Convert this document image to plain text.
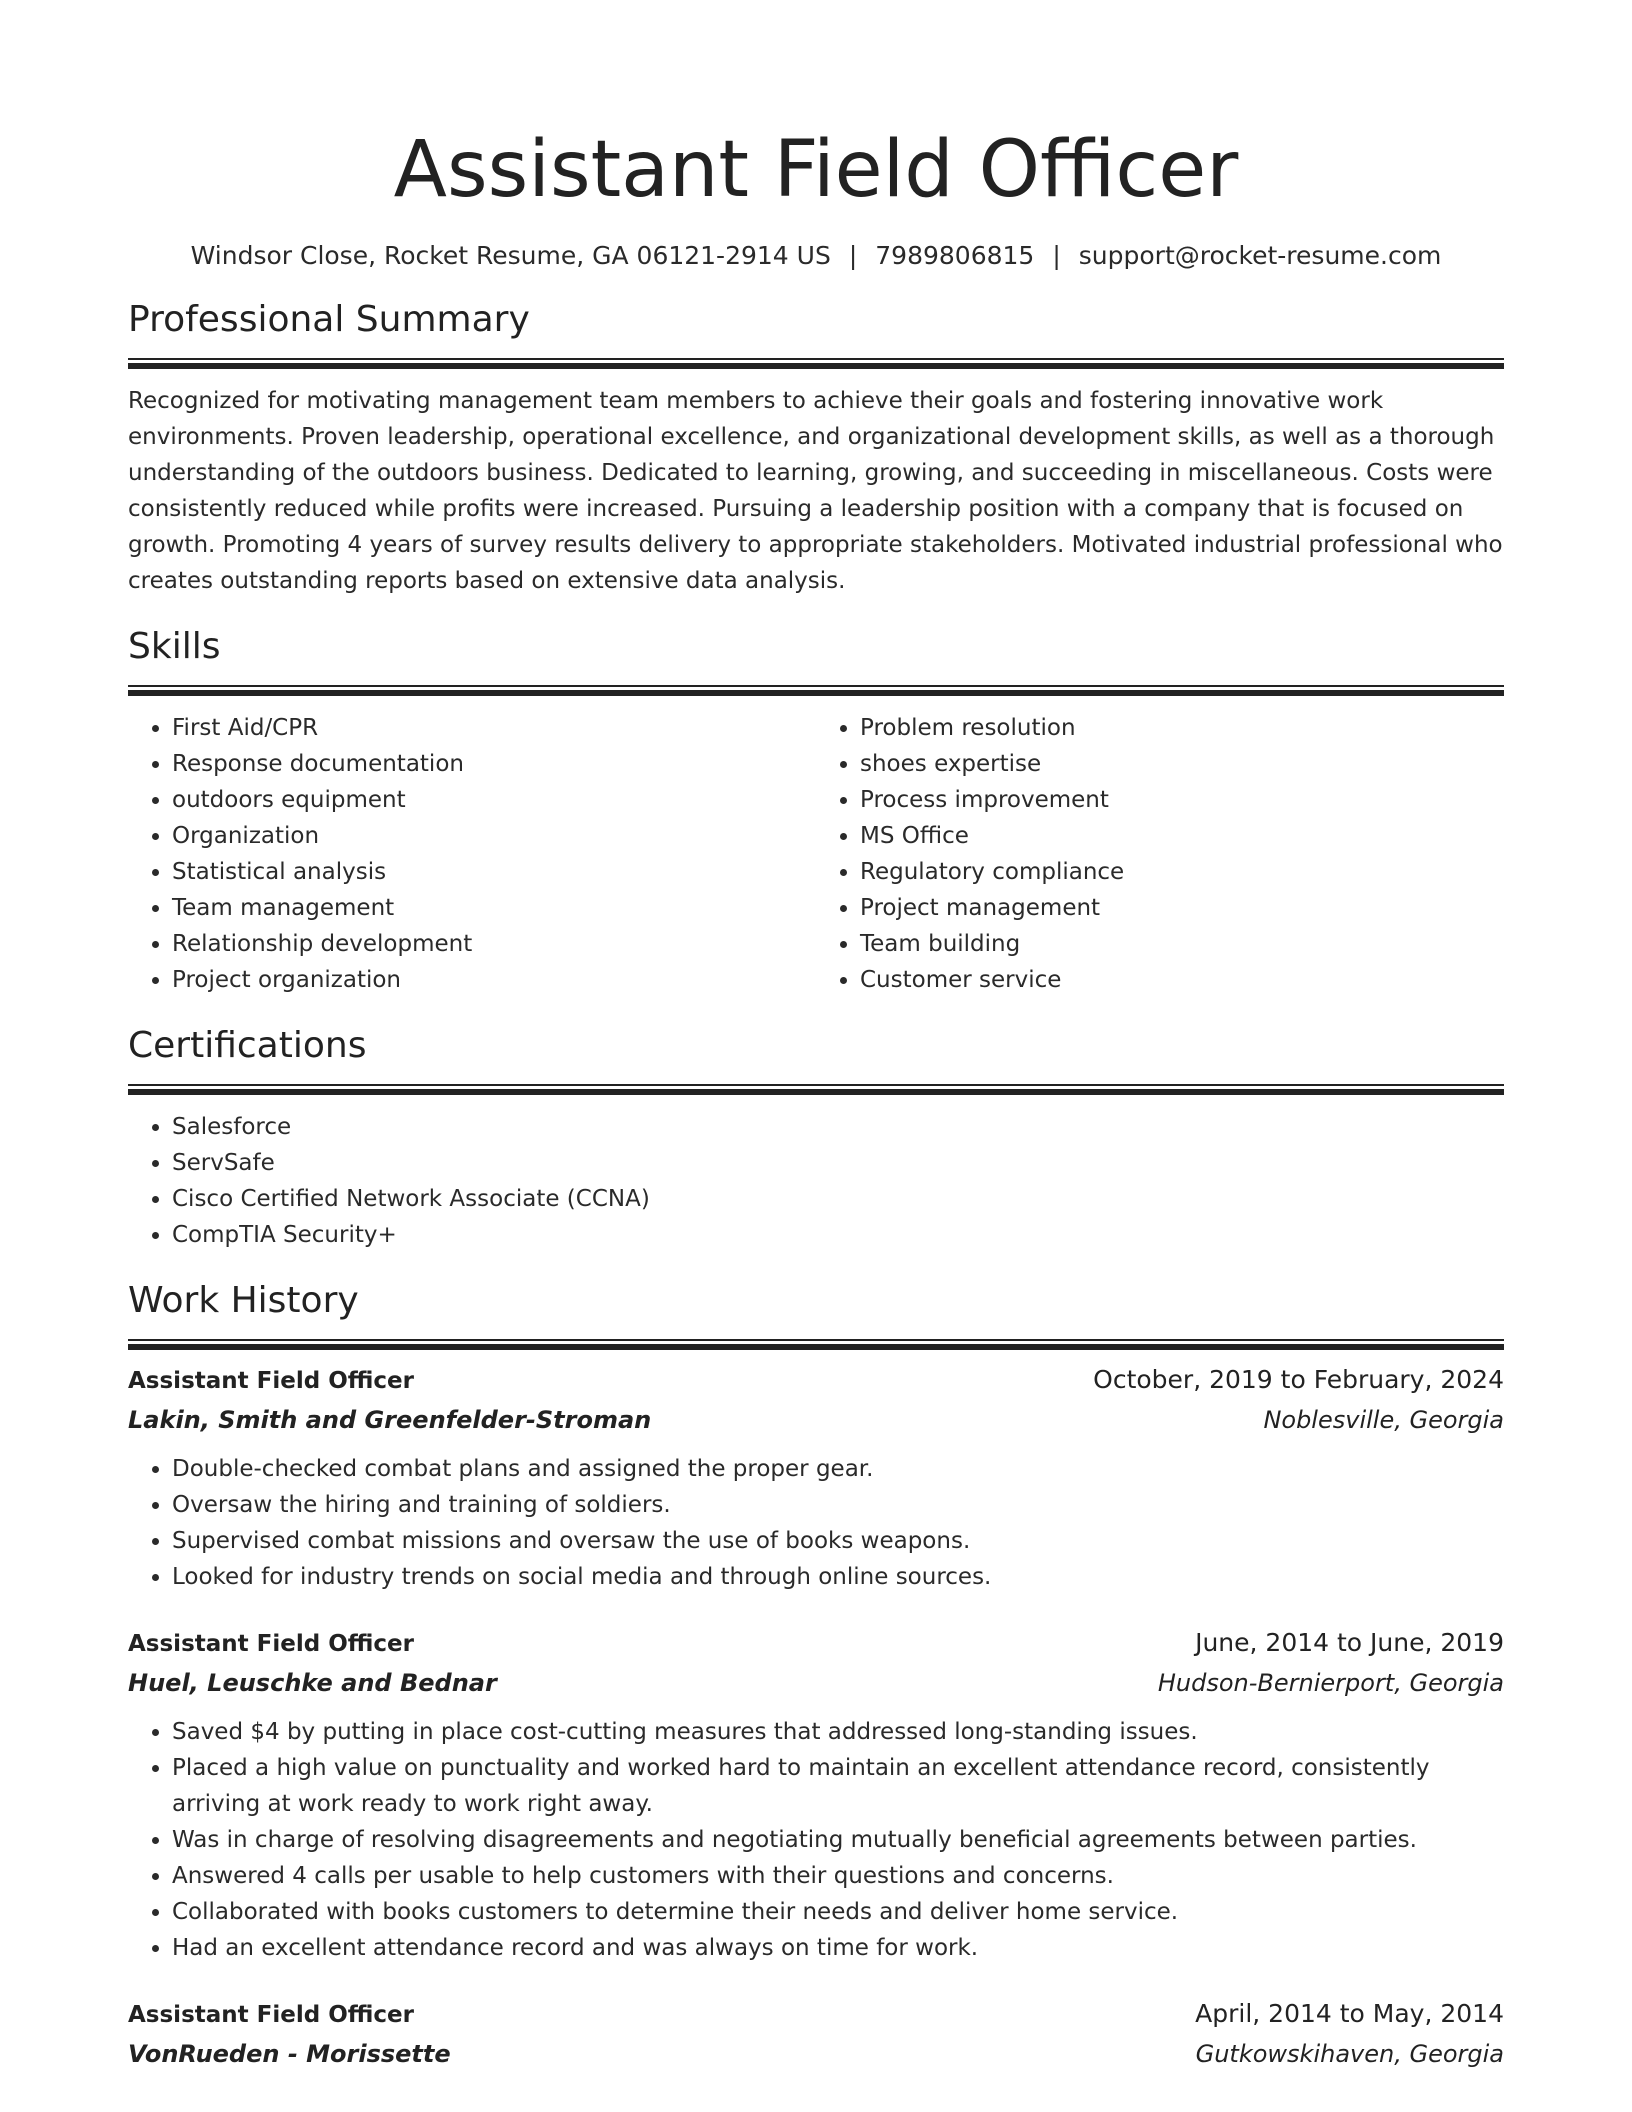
Assistant Field Officer
Windsor Close, Rocket Resume, GA 06121-2914 US | 7989806815 | support@rocket-resume.com
Professional Summary

Recognized for motivating management team members to achieve their goals and fostering innovative work environments. Proven leadership, operational excellence, and organizational development skills, as well as a thorough understanding of the outdoors business. Dedicated to learning, growing, and succeeding in miscellaneous. Costs were consistently reduced while profits were increased. Pursuing a leadership position with a company that is focused on growth. Promoting 4 years of survey results delivery to appropriate stakeholders. Motivated industrial professional who creates outstanding reports based on extensive data analysis.

Skills
• First Aid/CPR
• Response documentation
• outdoors equipment
• Organization
• Statistical analysis
• Team management
• Relationship development
• Project organization
• Problem resolution
• shoes expertise
• Process improvement
• MS Office
• Regulatory compliance
• Project management
• Team building
• Customer service
Certifications
• Salesforce
• ServSafe
• Cisco Certified Network Associate (CCNA)
• CompTIA Security+
Work History
Assistant Field Officer	October, 2019 to February, 2024
Lakin, Smith and Greenfelder-Stroman	Noblesville, Georgia
• Double-checked combat plans and assigned the proper gear.
• Oversaw the hiring and training of soldiers.
• Supervised combat missions and oversaw the use of books weapons.
• Looked for industry trends on social media and through online sources.
Assistant Field Officer	June, 2014 to June, 2019
Huel, Leuschke and Bednar	Hudson-Bernierport, Georgia
• Saved $4 by putting in place cost-cutting measures that addressed long-standing issues.
• Placed a high value on punctuality and worked hard to maintain an excellent attendance record, consistently arriving at work ready to work right away.
• Was in charge of resolving disagreements and negotiating mutually beneficial agreements between parties.
• Answered 4 calls per usable to help customers with their questions and concerns.
• Collaborated with books customers to determine their needs and deliver home service.
• Had an excellent attendance record and was always on time for work.
Assistant Field Officer	April, 2014 to May, 2014
VonRueden - Morissette	Gutkowskihaven, Georgia
